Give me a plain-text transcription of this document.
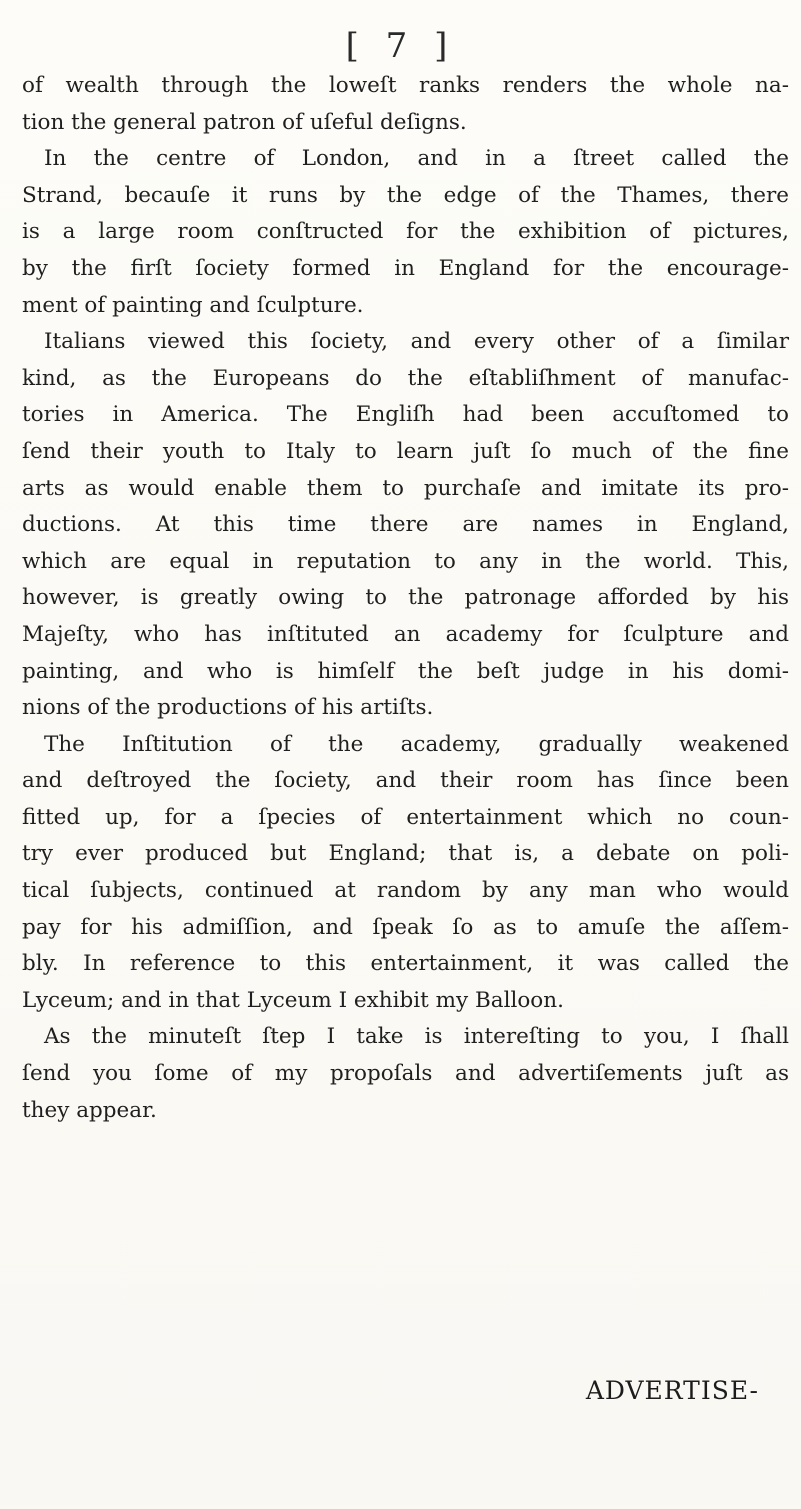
[ 7 ]
of wealth through the loweſt ranks renders the whole na-
tion the general patron of uſeful deſigns.
In the centre of London, and in a ſtreet called the
Strand, becauſe it runs by the edge of the Thames, there
is a large room conſtructed for the exhibition of pictures,
by the firſt ſociety formed in England for the encourage-
ment of painting and ſculpture.
Italians viewed this ſociety, and every other of a ſimilar
kind, as the Europeans do the eſtabliſhment of manufac-
tories in America. The Engliſh had been accuſtomed to
ſend their youth to Italy to learn juſt ſo much of the fine
arts as would enable them to purchaſe and imitate its pro-
ductions. At this time there are names in England,
which are equal in reputation to any in the world. This,
however, is greatly owing to the patronage afforded by his
Majeſty, who has inſtituted an academy for ſculpture and
painting, and who is himſelf the beſt judge in his domi-
nions of the productions of his artiſts.
The Inſtitution of the academy, gradually weakened
and deſtroyed the ſociety, and their room has ſince been
fitted up, for a ſpecies of entertainment which no coun-
try ever produced but England; that is, a debate on poli-
tical ſubjects, continued at random by any man who would
pay for his admiſſion, and ſpeak ſo as to amuſe the aſſem-
bly. In reference to this entertainment, it was called the
Lyceum; and in that Lyceum I exhibit my Balloon.
As the minuteſt ſtep I take is intereſting to you, I ſhall
ſend you ſome of my propoſals and advertiſements juſt as
they appear.
ADVERTISE-
